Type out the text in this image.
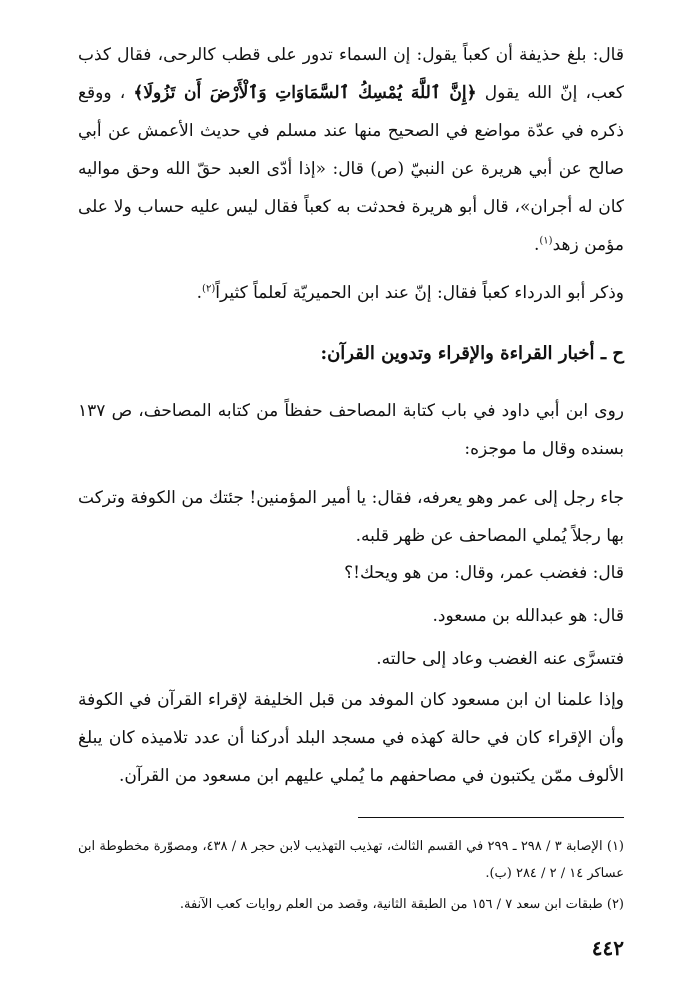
قال: بلغ حذيفة أن كعباً يقول: إن السماء تدور على قطب كالرحى، فقال كذب كعب، إنّ الله يقول ﴿إِنَّ ٱللَّهَ يُمْسِكُ ٱلسَّمَاوَاتِ وَٱلْأَرْضَ أَن تَزُولَا﴾ ، ووقع ذكره في عدّة مواضع في الصحيح منها عند مسلم في حديث الأعمش عن أبي صالح عن أبي هريرة عن النبيّ (ص) قال: «إذا أدّى العبد حقّ الله وحق مواليه كان له أجران»، قال أبو هريرة فحدثت به كعباً فقال ليس عليه حساب ولا على مؤمن زهد$^{(١)}$.
وذكر أبو الدرداء كعباً فقال: إنّ عند ابن الحميريّة لَعلماً كثيراً$^{(٢)}$.
ح ـ أخبار القراءة والإقراء وتدوين القرآن:
روى ابن أبي داود في باب كتابة المصاحف حفظاً من كتابه المصاحف، ص ١٣٧ بسنده وقال ما موجزه:
جاء رجل إلى عمر وهو يعرفه، فقال: يا أمير المؤمنين! جئتك من الكوفة وتركت بها رجلاً يُملي المصاحف عن ظهر قلبه.
قال: فغضب عمر، وقال: من هو ويحك!؟
قال: هو عبدالله بن مسعود.
فتسرَّى عنه الغضب وعاد إلى حالته.
وإذا علمنا ان ابن مسعود كان الموفد من قبل الخليفة لإقراء القرآن في الكوفة وأن الإقراء كان في حالة كهذه في مسجد البلد أدركنا أن عدد تلاميذه كان يبلغ الألوف ممّن يكتبون في مصاحفهم ما يُملي عليهم ابن مسعود من القرآن.
(١) الإصابة ٣ / ٢٩٨ ـ ٢٩٩ في القسم الثالث، تهذيب التهذيب لابن حجر ٨ / ٤٣٨، ومصوّرة مخطوطة ابن عساكر ١٤ / ٢ / ٢٨٤ (ب).
(٢) طبقات ابن سعد ٧ / ١٥٦ من الطبقة الثانية، وقصد من العلم روايات كعب الآنفة.
٤٤٢
